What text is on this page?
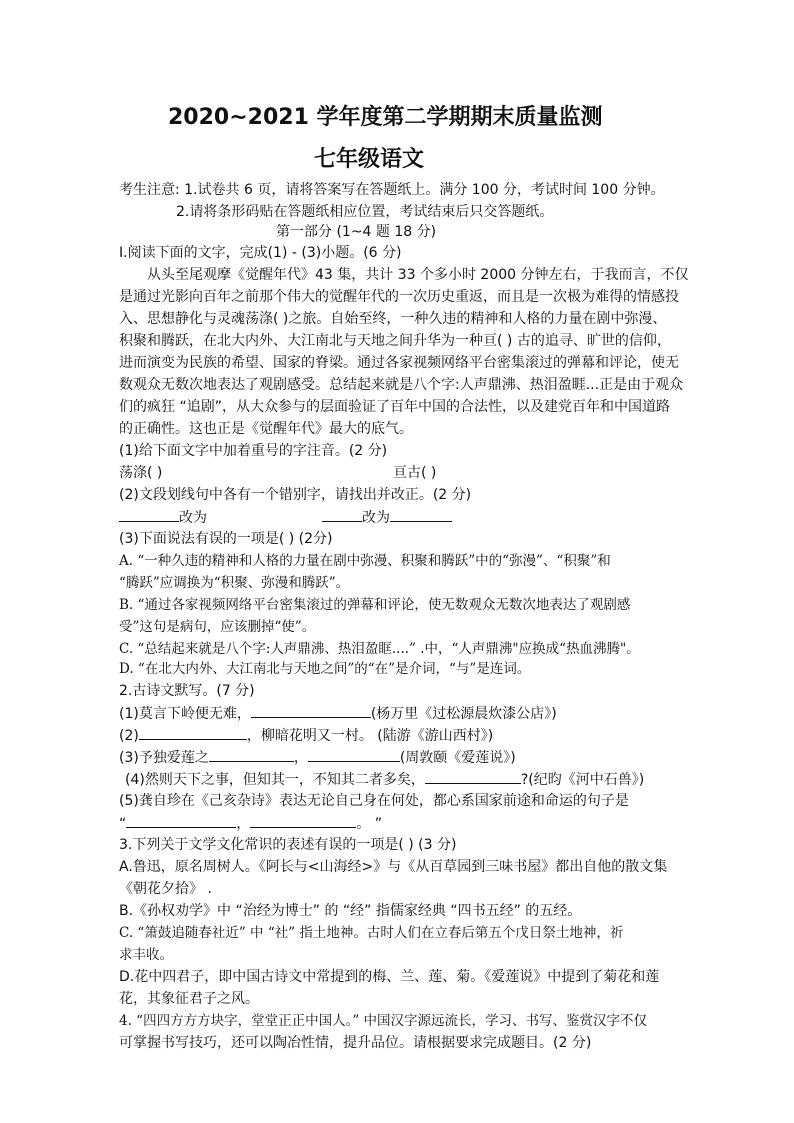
2020~2021 学年度第二学期期末质量监测
七年级语文
考生注意: 1.试卷共 6 页，请将答案写在答题纸上。满分 100 分，考试时间 100 分钟。
2.请将条形码贴在答题纸相应位置，考试结束后只交答题纸。
第一部分 (1~4 题 18 分)
I.阅读下面的文字，完成(1) - (3)小题。(6 分)
从头至尾观摩《觉醒年代》43 集，共计 33 个多小时 2000 分钟左右，于我而言，不仅
是通过光影向百年之前那个伟大的觉醒年代的一次历史重返，而且是一次极为难得的情感投
入、思想静化与灵魂荡涤( )之旅。自始至终，一种久违的精神和人格的力量在剧中弥漫、
积聚和腾跃，在北大内外、大江南北与天地之间升华为一种亘( ) 古的追寻、旷世的信仰，
进而演变为民族的希望、国家的脊梁。通过各家视频网络平台密集滚过的弹幕和评论，使无
数观众无数次地表达了观剧感受。总结起来就是八个字:人声鼎沸、热泪盈睚...正是由于观众
们的疯狂 “追剧”，从大众参与的层面验证了百年中国的合法性，以及建党百年和中国道路
的正确性。这也正是《觉醒年代》最大的底气。
(1)给下面文字中加着重号的字注音。(2 分)
荡涤( )	亘古( )
(2)文段划线句中各有一个错别字，请找出并改正。(2 分)
改为	改为
(3)下面说法有误的一项是( ) (2分)
A. “一种久违的精神和人格的力量在剧中弥漫、积聚和腾跃”中的“弥漫”、“积聚”和
“腾跃”应调换为“积聚、弥漫和腾跃”。
B. “通过各家视频网络平台密集滚过的弹幕和评论，使无数观众无数次地表达了观剧感
受”这句是病句，应该删掉“使”。
C. “总结起来就是八个字:人声鼎沸、热泪盈眶....” .中，“人声鼎沸"应换成“热血沸腾"。
D. “在北大内外、大江南北与天地之间”的“在”是介词，“与”是连词。
2.古诗文默写。(7 分)
(1)莫言下岭便无难，	(杨万里《过松源晨炊漆公店》)
(2)	，柳暗花明又一村。 (陆游《游山西村》)
(3)予独爱莲之	，	(周敦颐《爱莲说》)
(4)然则天下之事，但知其一，不知其二者多矣，	?(纪昀《河中石兽》)
(5)龚自珍在《己亥杂诗》表达无论自己身在何处，都心系国家前途和命运的句子是
“	，	。 ”
3.下列关于文学文化常识的表述有误的一项是( ) (3 分)
A.鲁迅，原名周树人。《阿长与<山海经>》与《从百草园到三味书屋》都出自他的散文集
《朝花夕拾》 .
B.《孙权劝学》中 “治经为博士” 的 “经” 指儒家经典 “四书五经” 的五经。
C. “箫鼓追随春社近” 中 “社” 指土地神。古时人们在立春后第五个戊日祭土地神，祈
求丰收。
D.花中四君子，即中国古诗文中常提到的梅、兰、莲、菊。《爱莲说》中提到了菊花和莲
花，其象征君子之风。
4. “四四方方方块字，堂堂正正中国人。” 中国汉字源远流长，学习、书写、鉴赏汉字不仅
可掌握书写技巧，还可以陶冶性情，提升品位。请根据要求完成题目。(2 分)
